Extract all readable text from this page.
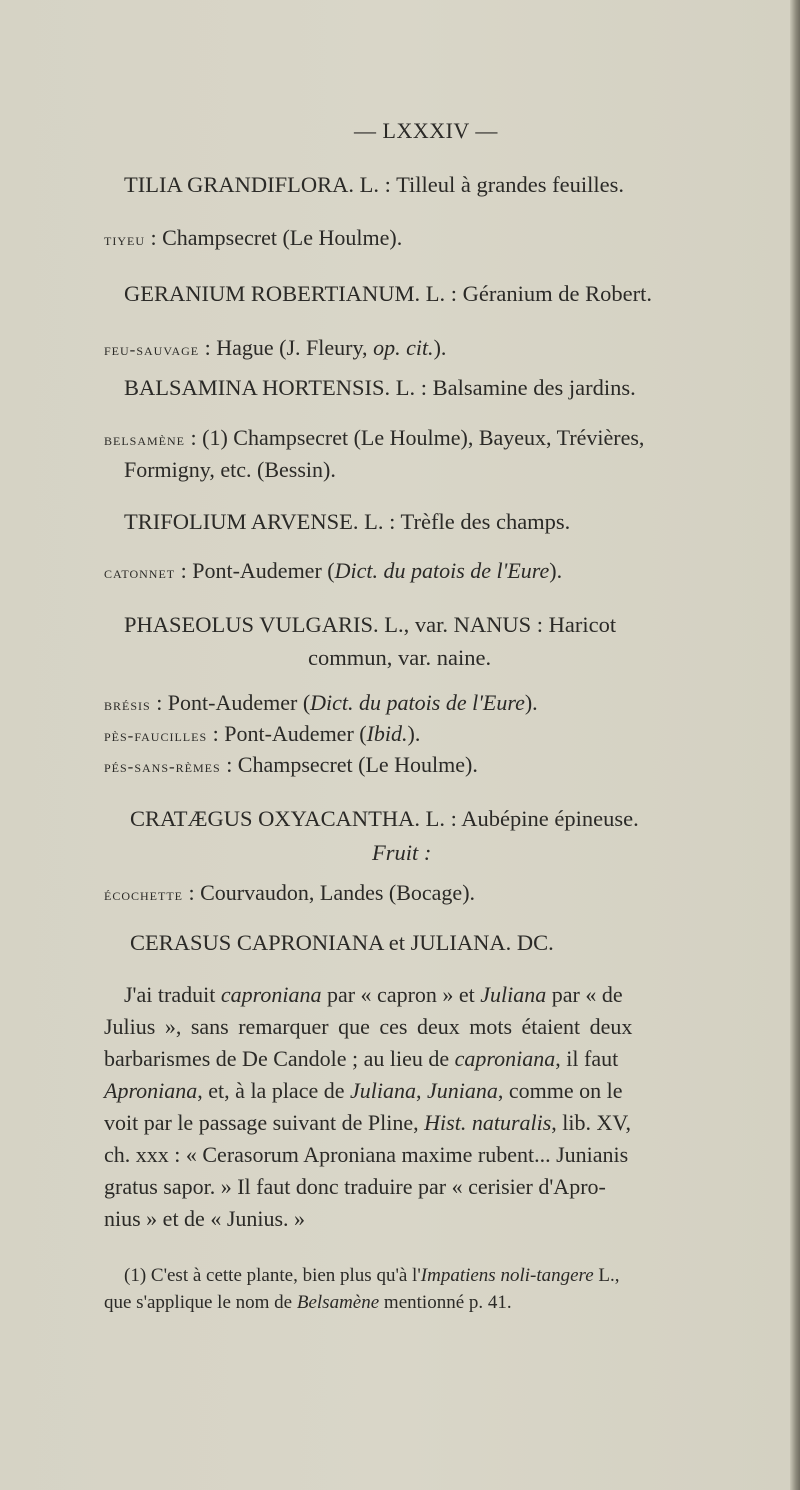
— LXXXIV —
TILIA GRANDIFLORA. L. : Tilleul à grandes feuilles.
tiyeu : Champsecret (Le Houlme).
GERANIUM ROBERTIANUM. L. : Géranium de Robert.
feu-sauvage : Hague (J. Fleury, op. cit.).
BALSAMINA HORTENSIS. L. : Balsamine des jardins.
belsamène : (1) Champsecret (Le Houlme), Bayeux, Trévières,
Formigny, etc. (Bessin).
TRIFOLIUM ARVENSE. L. : Trèfle des champs.
catonnet : Pont-Audemer (Dict. du patois de l'Eure).
PHASEOLUS VULGARIS. L., var. NANUS : Haricot
commun, var. naine.
brésis : Pont-Audemer (Dict. du patois de l'Eure).
pès-faucilles : Pont-Audemer (Ibid.).
pés-sans-rèmes : Champsecret (Le Houlme).
CRATÆGUS OXYACANTHA. L. : Aubépine épineuse.
Fruit :
écochette : Courvaudon, Landes (Bocage).
CERASUS CAPRONIANA et JULIANA. DC.
J'ai traduit caproniana par « capron » et Juliana par « de
Julius », sans remarquer que ces deux mots étaient deux
barbarismes de De Candole ; au lieu de caproniana, il faut
Aproniana, et, à la place de Juliana, Juniana, comme on le
voit par le passage suivant de Pline, Hist. naturalis, lib. XV,
ch. xxx : « Cerasorum Aproniana maxime rubent... Junianis
gratus sapor. » Il faut donc traduire par « cerisier d'Apro-
nius » et de « Junius. »
(1) C'est à cette plante, bien plus qu'à l'Impatiens noli-tangere L.,
que s'applique le nom de Belsamène mentionné p. 41.
